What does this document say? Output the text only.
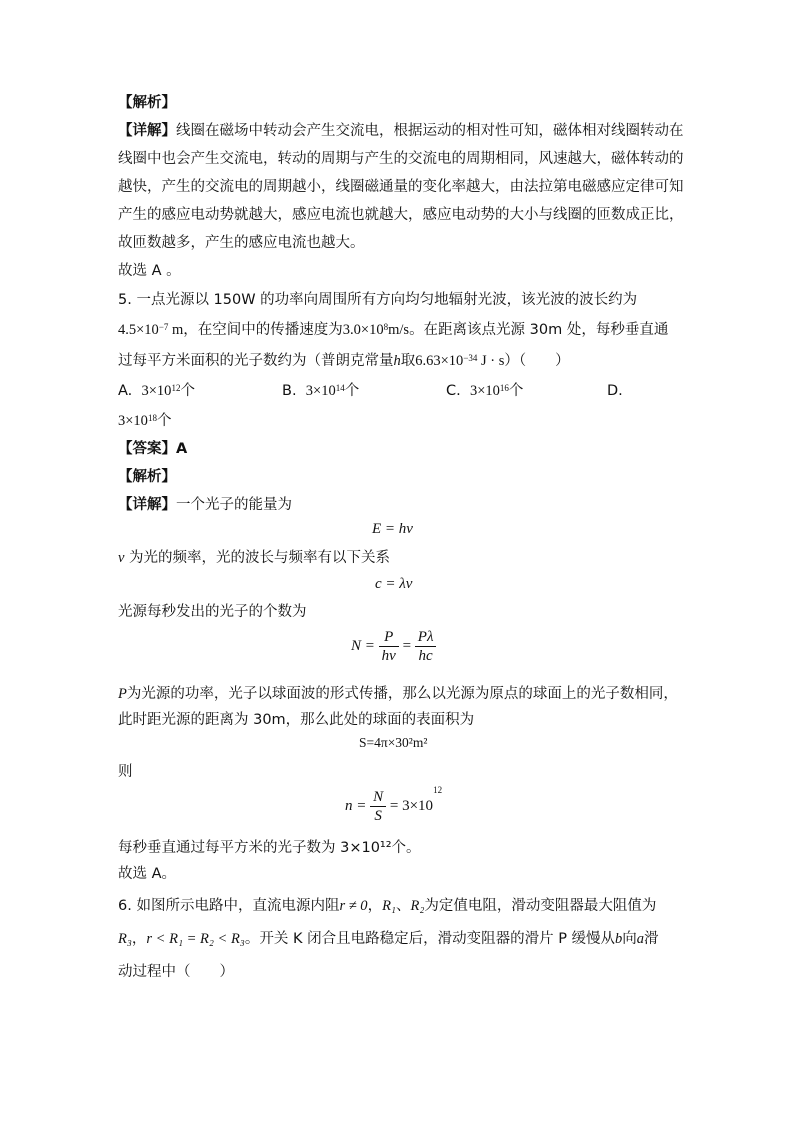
【解析】
【详解】线圈在磁场中转动会产生交流电，根据运动的相对性可知，磁体相对线圈转动在
线圈中也会产生交流电，转动的周期与产生的交流电的周期相同，风速越大，磁体转动的
越快，产生的交流电的周期越小，线圈磁通量的变化率越大，由法拉第电磁感应定律可知
产生的感应电动势就越大，感应电流也就越大，感应电动势的大小与线圈的匝数成正比，
故匝数越多，产生的感应电流也越大。
故选 A 。
5. 一点光源以 150W 的功率向周围所有方向均匀地辐射光波，该光波的波长约为
$4.5\times 10^{-7}$ m，在空间中的传播速度为$3.0\times 10^8m/s$。在距离该点光源 30m 处，每秒垂直通
过每平方米面积的光子数约为（普朗克常量h取$6.63\times 10^{-34}$ J · s）（　　）
A. $3\times 10^{12}$个	B. $3\times 10^{14}$个	C. $3\times 10^{16}$个	D.
$3\times 10^{18}$个
【答案】A
【解析】
【详解】一个光子的能量为
E = hν
ν 为光的频率，光的波长与频率有以下关系
c = λν
光源每秒发出的光子的个数为
$N = \frac{P}{h\nu} = \frac{P\lambda}{hc}$
P为光源的功率，光子以球面波的形式传播，那么以光源为原点的球面上的光子数相同，
此时距光源的距离为 30m，那么此处的球面的表面积为
S=4π×30²m²
则
$n = \frac{N}{S} = 3\times 10^{12}$
每秒垂直通过每平方米的光子数为 3×10¹²个。
故选 A。
6. 如图所示电路中，直流电源内阻r ≠ 0，R₁、R₂为定值电阻，滑动变阻器最大阻值为
R₃，r < R₁ = R₂ < R₃。开关 K 闭合且电路稳定后，滑动变阻器的滑片 P 缓慢从b向a滑
动过程中（　　）
